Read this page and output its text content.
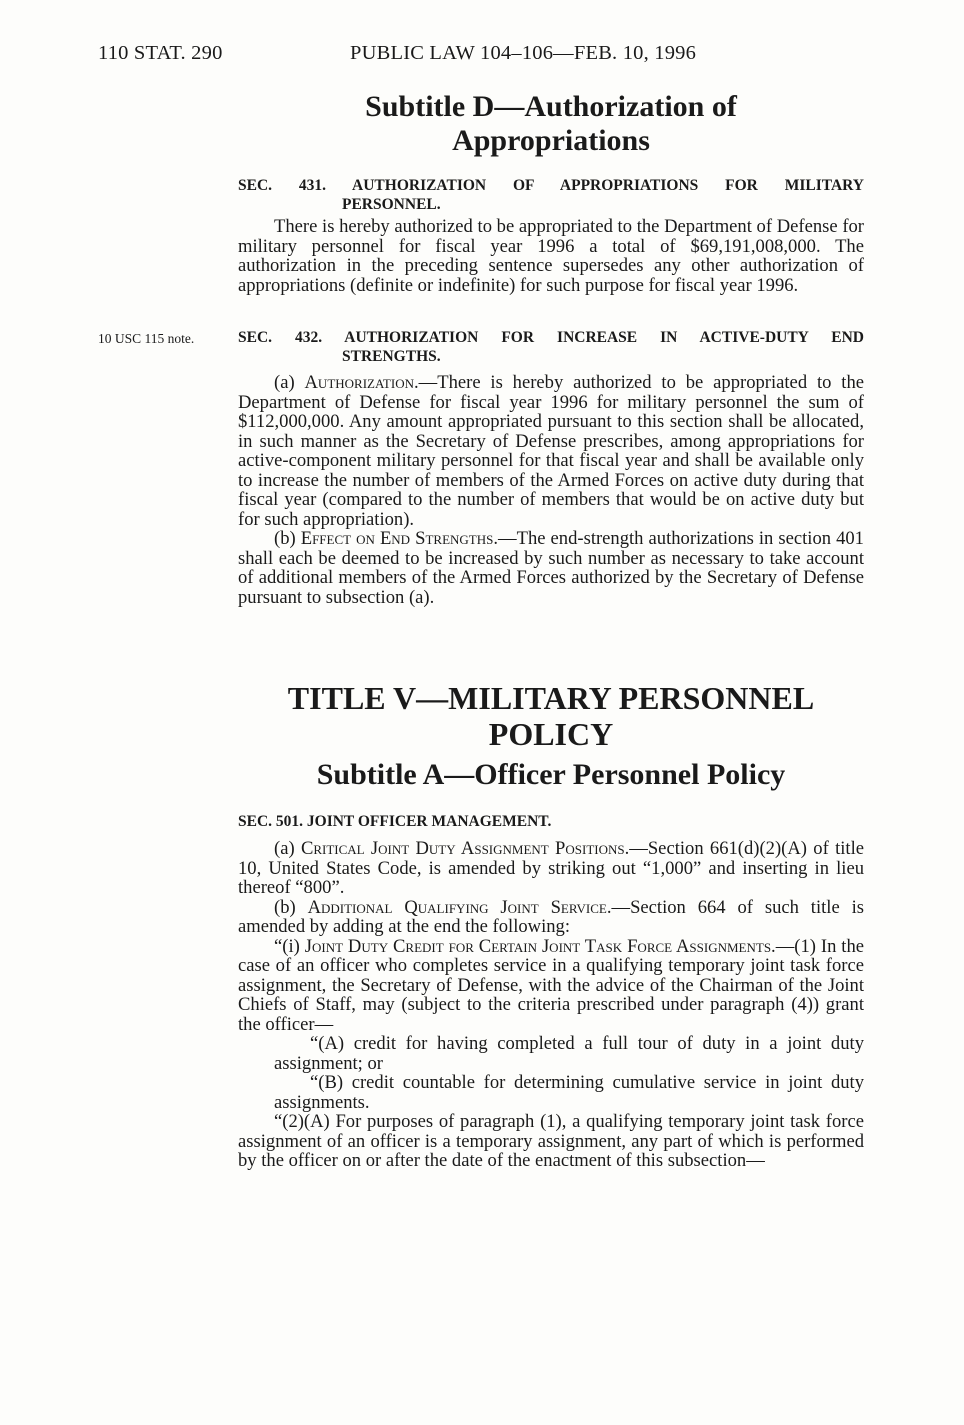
110 STAT. 290	PUBLIC LAW 104–106—FEB. 10, 1996

Subtitle D—Authorization of

Appropriations

SEC. 431. AUTHORIZATION OF APPROPRIATIONS FOR MILITARY
PERSONNEL.

There is hereby authorized to be appropriated to the Department of Defense for military personnel for fiscal year 1996 a total of $69,191,008,000. The authorization in the preceding sentence supersedes any other authorization of appropriations (definite or indefinite) for such purpose for fiscal year 1996.

10 USC 115 note.	SEC. 432. AUTHORIZATION FOR INCREASE IN ACTIVE-DUTY END
STRENGTHS.

(a) Authorization.—There is hereby authorized to be appropriated to the Department of Defense for fiscal year 1996 for military personnel the sum of $112,000,000. Any amount appropriated pursuant to this section shall be allocated, in such manner as the Secretary of Defense prescribes, among appropriations for active-component military personnel for that fiscal year and shall be available only to increase the number of members of the Armed Forces on active duty during that fiscal year (compared to the number of members that would be on active duty but for such appropriation).

(b) Effect on End Strengths.—The end-strength authorizations in section 401 shall each be deemed to be increased by such number as necessary to take account of additional members of the Armed Forces authorized by the Secretary of Defense pursuant to subsection (a).

TITLE V—MILITARY PERSONNEL

POLICY

Subtitle A—Officer Personnel Policy

SEC. 501. JOINT OFFICER MANAGEMENT.

(a) Critical Joint Duty Assignment Positions.—Section 661(d)(2)(A) of title 10, United States Code, is amended by striking out “1,000” and inserting in lieu thereof “800”.

(b) Additional Qualifying Joint Service.—Section 664 of such title is amended by adding at the end the following:

“(i) Joint Duty Credit for Certain Joint Task Force Assignments.—(1) In the case of an officer who completes service in a qualifying temporary joint task force assignment, the Secretary of Defense, with the advice of the Chairman of the Joint Chiefs of Staff, may (subject to the criteria prescribed under paragraph (4)) grant the officer—

“(A) credit for having completed a full tour of duty in a joint duty assignment; or

“(B) credit countable for determining cumulative service in joint duty assignments.

“(2)(A) For purposes of paragraph (1), a qualifying temporary joint task force assignment of an officer is a temporary assignment, any part of which is performed by the officer on or after the date of the enactment of this subsection—
